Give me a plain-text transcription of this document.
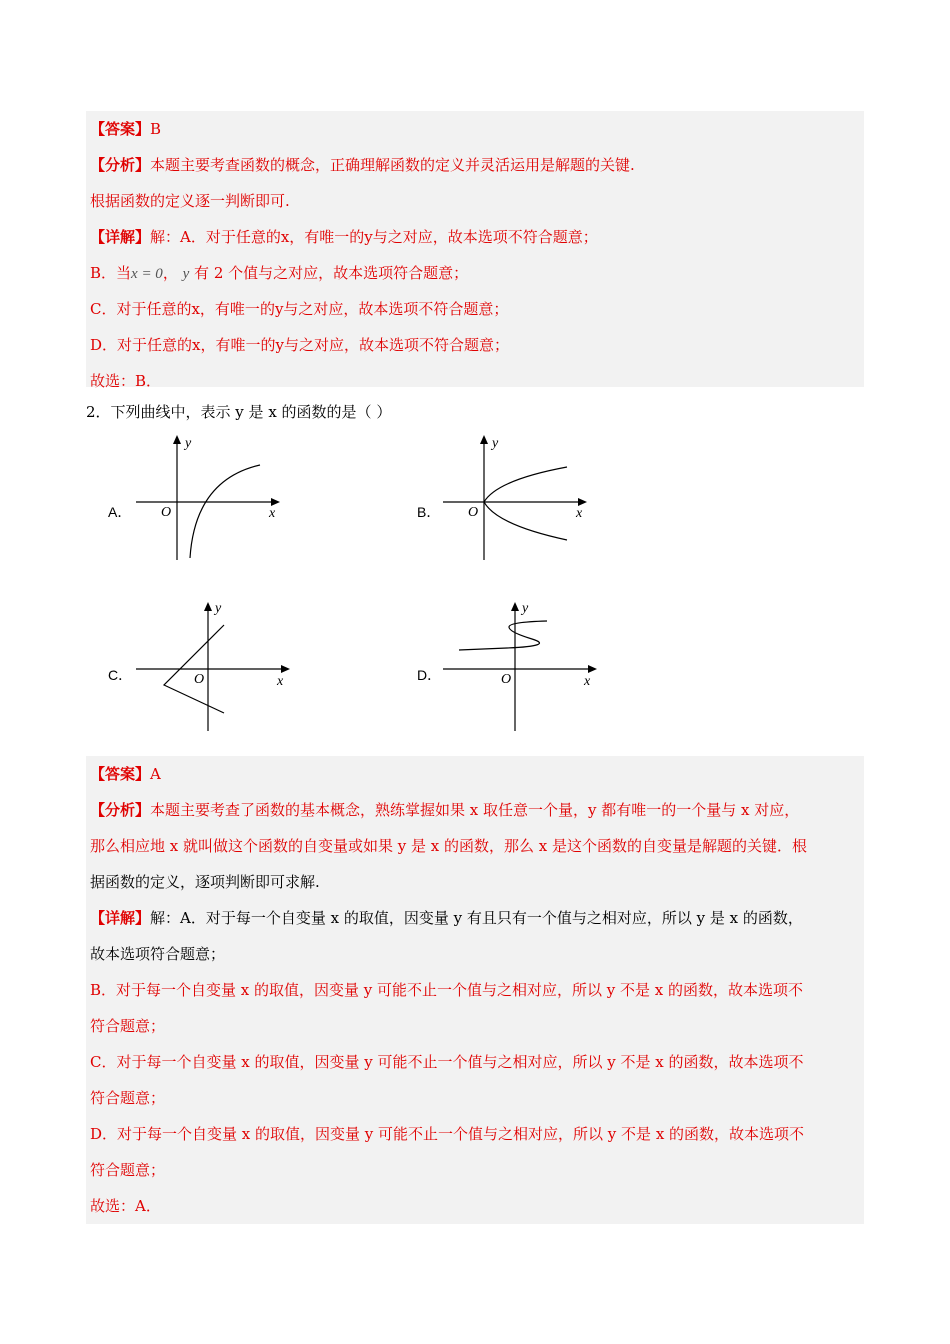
【答案】B
【分析】本题主要考查函数的概念，正确理解函数的定义并灵活运用是解题的关键.
根据函数的定义逐一判断即可.
【详解】解：A．对于任意的x，有唯一的y与之对应，故本选项不符合题意；
B．当x = 0， y 有 2 个值与之对应，故本选项符合题意；
C．对于任意的x，有唯一的y与之对应，故本选项不符合题意；
D．对于任意的x，有唯一的y与之对应，故本选项不符合题意；
故选：B．
2．下列曲线中，表示 y 是 x 的函数的是（ ）
A．
y
x
O	B．
y
x
O
C．
y
x
O	D．
y
x
O
【答案】A
【分析】本题主要考查了函数的基本概念，熟练掌握如果 x 取任意一个量，y 都有唯一的一个量与 x 对应，
那么相应地 x 就叫做这个函数的自变量或如果 y 是 x 的函数，那么 x 是这个函数的自变量是解题的关键．根
据函数的定义，逐项判断即可求解.
【详解】解：A．对于每一个自变量 x 的取值，因变量 y 有且只有一个值与之相对应，所以 y 是 x 的函数，
故本选项符合题意；
B．对于每一个自变量 x 的取值，因变量 y 可能不止一个值与之相对应，所以 y 不是 x 的函数，故本选项不
符合题意；
C．对于每一个自变量 x 的取值，因变量 y 可能不止一个值与之相对应，所以 y 不是 x 的函数，故本选项不
符合题意；
D．对于每一个自变量 x 的取值，因变量 y 可能不止一个值与之相对应，所以 y 不是 x 的函数，故本选项不
符合题意；
故选：A．
